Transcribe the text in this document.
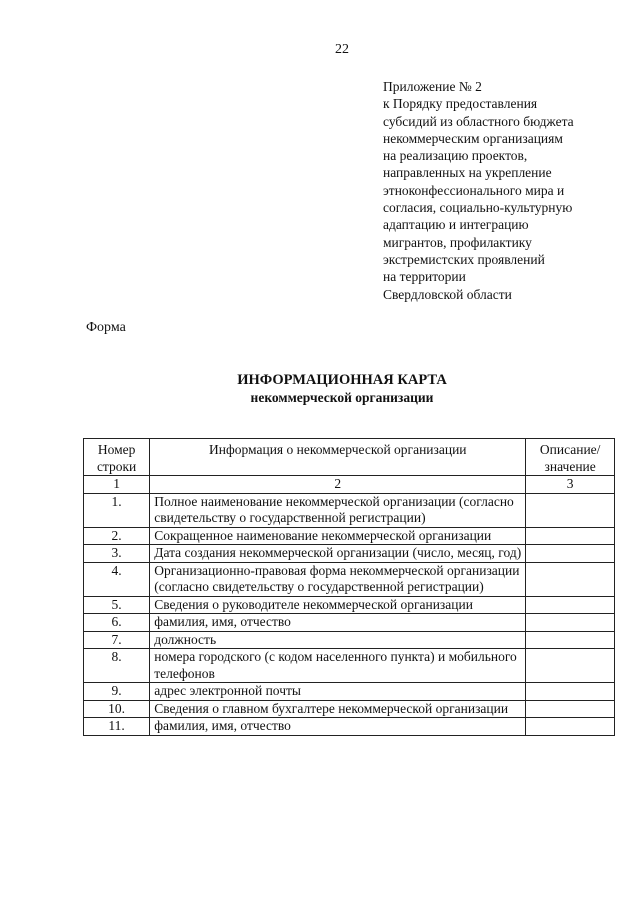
22
Приложение № 2
к Порядку предоставления
субсидий из областного бюджета
некоммерческим организациям
на реализацию проектов,
направленных на укрепление
этноконфессионального мира и
согласия, социально-культурную
адаптацию и интеграцию
мигрантов, профилактику
экстремистских проявлений
на территории
Свердловской области
Форма
ИНФОРМАЦИОННАЯ КАРТА
некоммерческой организации
Номер строки	Информация о некоммерческой организации	Описание/ значение
1	2	3
1.	Полное наименование некоммерческой организации (согласно свидетельству о государственной регистрации)	
2.	Сокращенное наименование некоммерческой организации	
3.	Дата создания некоммерческой организации (число, месяц, год)	
4.	Организационно-правовая форма некоммерческой организации (согласно свидетельству о государственной регистрации)	
5.	Сведения о руководителе некоммерческой организации	
6.	фамилия, имя, отчество	
7.	должность	
8.	номера городского (с кодом населенного пункта) и мобильного телефонов	
9.	адрес электронной почты	
10.	Сведения о главном бухгалтере некоммерческой организации	
11.	фамилия, имя, отчество	
